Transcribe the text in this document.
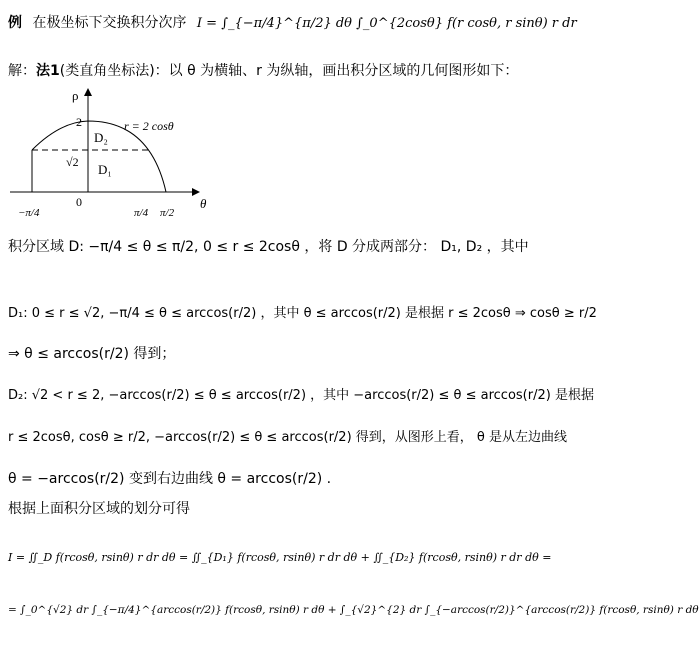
例 在极坐标下交换积分次序 I = ∫_{−π/4}^{π/2} dθ ∫_0^{2cosθ} f(r cosθ, r sinθ) r dr
解：法1(类直角坐标法)：以 θ 为横轴、r 为纵轴，画出积分区域的几何图形如下：
ρ
θ
r = 2 cosθ
D₂
D₁
2
√2
0
−π/4	π/4 π/2
积分区域 D: −π/4 ≤ θ ≤ π/2, 0 ≤ r ≤ 2cosθ ，将 D 分成两部分： D₁, D₂ ，其中
D₁: 0 ≤ r ≤ √2, −π/4 ≤ θ ≤ arccos(r/2) ，其中 θ ≤ arccos(r/2) 是根据 r ≤ 2cosθ ⇒ cosθ ≥ r/2
⇒ θ ≤ arccos(r/2) 得到；
D₂: √2 < r ≤ 2, −arccos(r/2) ≤ θ ≤ arccos(r/2) ，其中 −arccos(r/2) ≤ θ ≤ arccos(r/2) 是根据
r ≤ 2cosθ, cosθ ≥ r/2, −arccos(r/2) ≤ θ ≤ arccos(r/2) 得到，从图形上看， θ 是从左边曲线
θ = −arccos(r/2) 变到右边曲线 θ = arccos(r/2) .
根据上面积分区域的划分可得
I = ∬_D f(rcosθ, rsinθ) r dr dθ = ∬_{D₁} f(rcosθ, rsinθ) r dr dθ + ∬_{D₂} f(rcosθ, rsinθ) r dr dθ =
= ∫_0^{√2} dr ∫_{−π/4}^{arccos(r/2)} f(rcosθ, rsinθ) r dθ + ∫_{√2}^{2} dr ∫_{−arccos(r/2)}^{arccos(r/2)} f(rcosθ, rsinθ) r dθ
